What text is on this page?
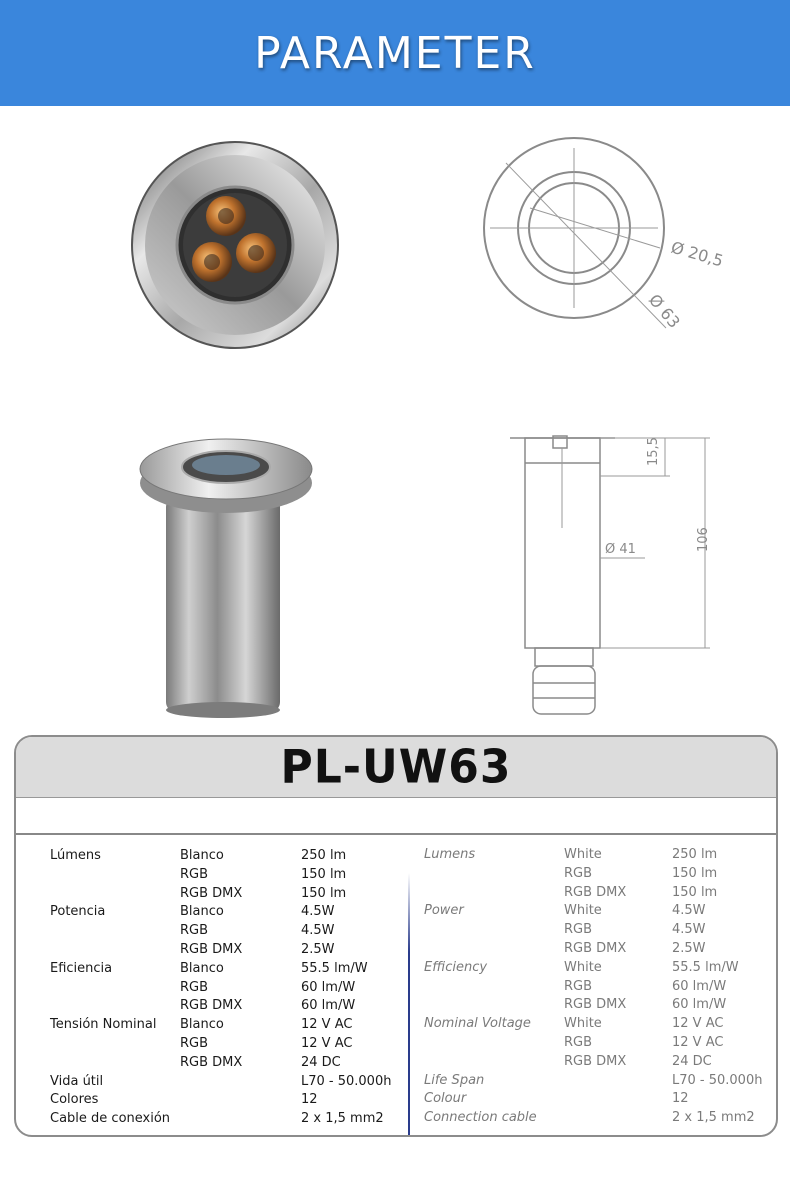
PARAMETER
Ø 20,5
Ø 63
15,5
106
Ø 41
PL-UW63
Lúmens	Blanco	250 lm
RGB	150 lm
RGB DMX	150 lm
Potencia	Blanco	4.5W
RGB	4.5W
RGB DMX	2.5W
Eficiencia	Blanco	55.5 lm/W
RGB	60 lm/W
RGB DMX	60 lm/W
Tensión Nominal Blanco	12 V AC
RGB	12 V AC
RGB DMX	24 DC
Vida útil	L70 - 50.000h
Colores	12
Cable de conexión	2 x 1,5 mm2
Lumens	White	250 lm
RGB	150 lm
RGB DMX	150 lm
Power	White	4.5W
RGB	4.5W
RGB DMX	2.5W
Efficiency	White	55.5 lm/W
RGB	60 lm/W
RGB DMX	60 lm/W
Nominal Voltage	White	12 V AC
RGB	12 V AC
RGB DMX	24 DC
Life Span	L70 - 50.000h
Colour	12
Connection cable	2 x 1,5 mm2
